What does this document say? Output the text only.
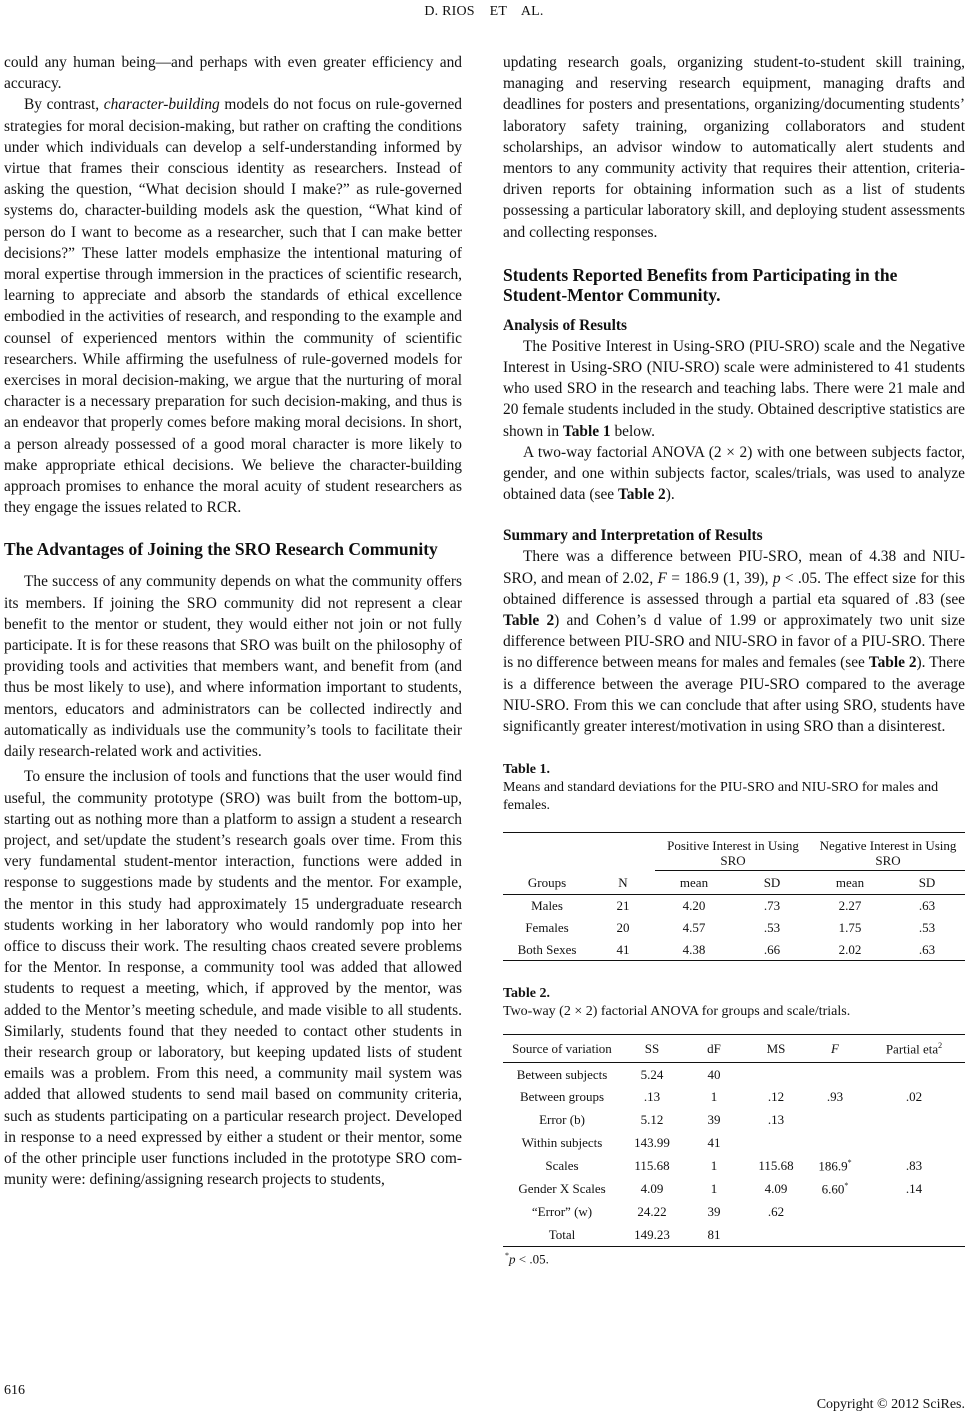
D. RIOS    ET    AL.

could any human being—and perhaps with even greater efficiency and accuracy.

By contrast, character-building models do not focus on rule-governed strategies for moral decision-making, but rather on crafting the conditions under which individuals can develop a self-understanding informed by virtue that frames their conscious identity as researchers. Instead of asking the question, “What decision should I make?” as rule-governed systems do, character-building models ask the question, “What kind of person do I want to become as a researcher, such that I can make better decisions?” These latter models emphasize the intentional maturing of moral expertise through immersion in the practices of scientific research, learning to appreciate and absorb the standards of ethical excellence embodied in the activities of research, and responding to the example and counsel of experienced mentors within the community of scientific researchers. While affirming the usefulness of rule-governed models for exercises in moral decision-making, we argue that the nurturing of moral character is a necessary preparation for such decision-making, and thus is an endeavor that properly comes before making moral decisions. In short, a person already possessed of a good moral character is more likely to make appropriate ethical decisions. We believe the character-building approach promises to enhance the moral acuity of student researchers as they engage the issues related to RCR.

The Advantages of Joining the SRO Research Community

The success of any community depends on what the community offers its members. If joining the SRO community did not represent a clear benefit to the mentor or student, they would either not join or not fully participate. It is for these reasons that SRO was built on the philosophy of providing tools and activities that members want, and benefit from (and thus be most likely to use), and where information important to students, mentors, educators and administrators can be collected indirectly and automatically as individuals use the community’s tools to facilitate their daily research-related work and activities.

To ensure the inclusion of tools and functions that the user would find useful, the community prototype (SRO) was built from the bottom-up, starting out as nothing more than a platform to assign a student a research project, and set/update the student’s research goals over time. From this very fundamental student-mentor interaction, functions were added in response to suggestions made by students and the mentor. For example, the mentor in this study had approximately 15 undergraduate research students working in her laboratory who would randomly pop into her office to discuss their work. The resulting chaos created severe problems for the Mentor. In response, a community tool was added that allowed students to request a meeting, which, if approved by the mentor, was added to the Mentor’s meeting schedule, and made visible to all students. Similarly, students found that they needed to contact other students in their research group or laboratory, but keeping updated lists of student emails was a problem. From this need, a community mail system was added that allowed students to send mail based on community criteria, such as students participating on a particular research project. Developed in response to a need expressed by either a student or their mentor, some of the other principle user functions included in the prototype SRO community were: defining/assigning research projects to students,

updating research goals, organizing student-to-student skill training, managing and reserving research equipment, managing drafts and deadlines for posters and presentations, organizing/documenting students’ laboratory safety training, organizing collaborators and student scholarships, an advisor window to automatically alert students and mentors to any community activity that requires their attention, criteria-driven reports for obtaining information such as a list of students possessing a particular laboratory skill, and deploying student assessments and collecting responses.

Students Reported Benefits from Participating in the Student-Mentor Community.
Analysis of Results

The Positive Interest in Using-SRO (PIU-SRO) scale and the Negative Interest in Using-SRO (NIU-SRO) scale were administered to 41 students who used SRO in the research and teaching labs. There were 21 male and 20 female students included in the study. Obtained descriptive statistics are shown in Table 1 below.

A two-way factorial ANOVA (2 × 2) with one between subjects factor, gender, and one within subjects factor, scales/trials, was used to analyze obtained data (see Table 2).

Summary and Interpretation of Results

There was a difference between PIU-SRO, mean of 4.38 and NIU-SRO, and mean of 2.02, F = 186.9 (1, 39), p < .05. The effect size for this obtained difference is assessed through a partial eta squared of .83 (see Table 2) and Cohen’s d value of 1.99 or approximately two unit size difference between PIU-SRO and NIU-SRO in favor of a PIU-SRO. There is no difference between means for males and females (see Table 2). There is a difference between the average PIU-SRO compared to the average NIU-SRO. From this we can conclude that after using SRO, students have significantly greater interest/motivation in using SRO than a disinterest.

Table 1.

Means and standard deviations for the PIU-SRO and NIU-SRO for males and females.

		Positive Interest in Using SRO		Negative Interest in Using SRO	
Groups	N	mean	SD	mean	SD
Males	21	4.20	.73	2.27	.63
Females	20	4.57	.53	1.75	.53
Both Sexes	41	4.38	.66	2.02	.63

Table 2.

Two-way (2 × 2) factorial ANOVA for groups and scale/trials.

Source of variation	SS	dF	MS	F	Partial eta$^2$
Between subjects	5.24	40			
Between groups	.13	1	.12	.93	.02
Error (b)	5.12	39	.13		
Within subjects	143.99	41			
Scales	115.68	1	115.68	186.9*	.83
Gender X Scales	4.09	1	4.09	6.60*	.14
“Error” (w)	24.22	39	.62		
Total	149.23	81			

*p < .05.

616
Copyright © 2012 SciRes.
